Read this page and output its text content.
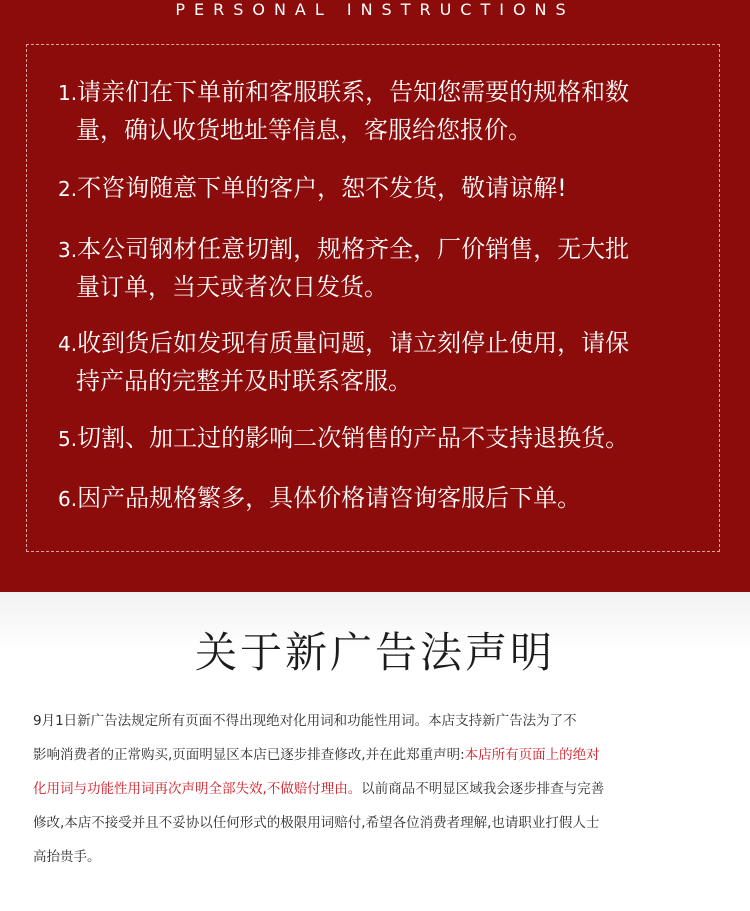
PERSONAL INSTRUCTIONS
1.请亲们在下单前和客服联系，告知您需要的规格和数
量，确认收货地址等信息，客服给您报价。
2.不咨询随意下单的客户，恕不发货，敬请谅解!
3.本公司钢材任意切割，规格齐全，厂价销售，无大批
量订单，当天或者次日发货。
4.收到货后如发现有质量问题，请立刻停止使用，请保
持产品的完整并及时联系客服。
5.切割、加工过的影响二次销售的产品不支持退换货。
6.因产品规格繁多，具体价格请咨询客服后下单。
关于新广告法声明
9月1日新广告法规定所有页面不得出现绝对化用词和功能性用词。本店支持新广告法为了不
影响消费者的正常购买,页面明显区本店已逐步排查修改,并在此郑重声明:本店所有页面上的绝对
化用词与功能性用词再次声明全部失效,不做赔付理由。以前商品不明显区域我会逐步排查与完善
修改,本店不接受并且不妥协以任何形式的极限用词赔付,希望各位消费者理解,也请职业打假人士
高抬贵手。
